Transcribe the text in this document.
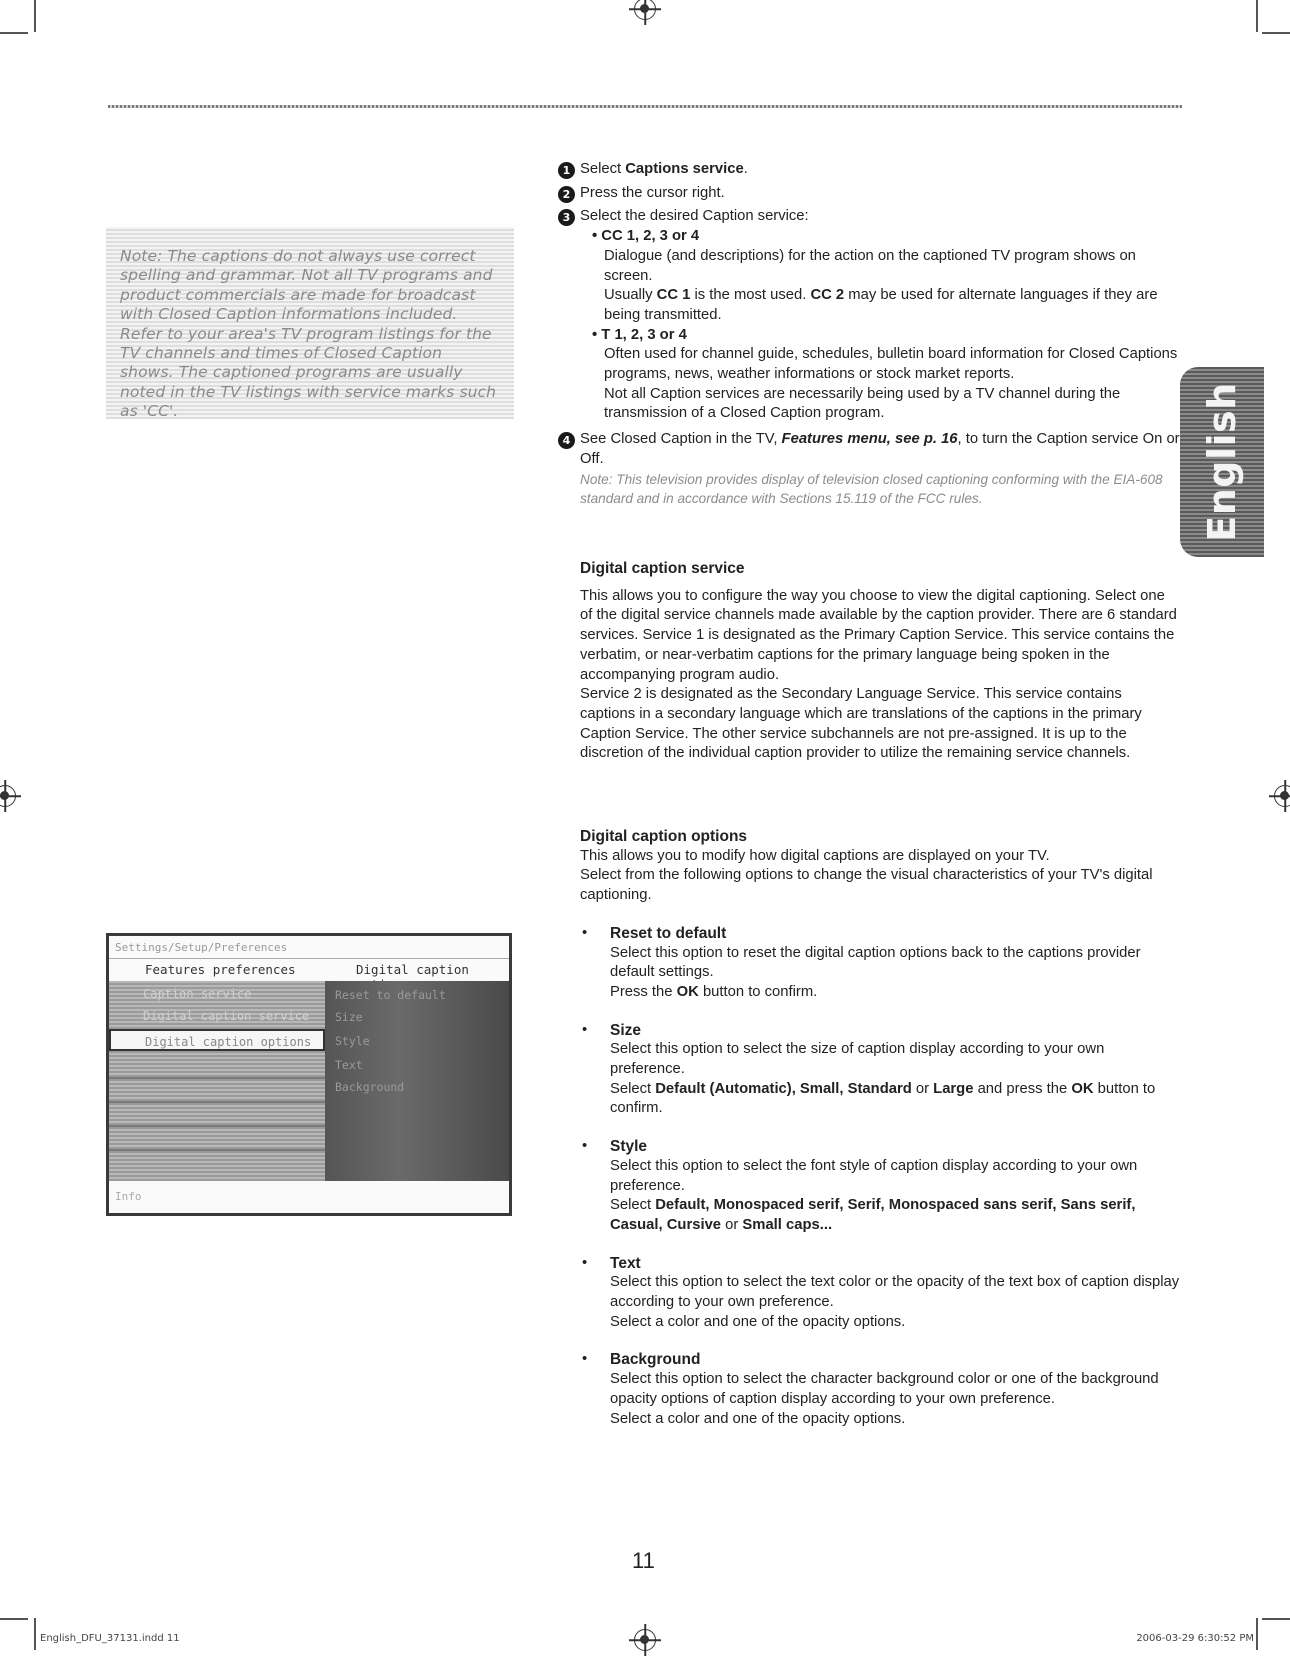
Note: The captions do not always use correct spelling and grammar. Not all TV programs and product commercials are made for broadcast with Closed Caption informations included. Refer to your area's TV program listings for the TV channels and times of Closed Caption shows. The captioned programs are usually noted in the TV listings with service marks such as 'CC'.

Settings/Setup/Preferences
Features preferences	Digital caption
Caption service
Digital caption service
Digital caption options
Reset to default
Size
Style
Text
Background
Info
1 Select Captions service.

2 Press the cursor right.

3 Select the desired Caption service:

• CC 1, 2, 3 or 4

Dialogue (and descriptions) for the action on the captioned TV program shows on screen.

Usually CC 1 is the most used. CC 2 may be used for alternate languages if they are being transmitted.

• T 1, 2, 3 or 4

Often used for channel guide, schedules, bulletin board information for Closed Captions programs, news, weather informations or stock market reports.

Not all Caption services are necessarily being used by a TV channel during the transmission of a Closed Caption program.

4 See Closed Caption in the TV, Features menu, see p. 16, to turn the Caption service On or Off.

Note: This television provides display of television closed captioning conforming with the EIA-608 standard and in accordance with Sections 15.119 of the FCC rules.

Digital caption service

This allows you to configure the way you choose to view the digital captioning. Select one of the digital service channels made available by the caption provider. There are 6 standard services. Service 1 is designated as the Primary Caption Service. This service contains the verbatim, or near-verbatim captions for the primary language being spoken in the accompanying program audio.

Service 2 is designated as the Secondary Language Service. This service contains captions in a secondary language which are translations of the captions in the primary Caption Service. The other service subchannels are not pre-assigned. It is up to the discretion of the individual caption provider to utilize the remaining service channels.

Digital caption options

This allows you to modify how digital captions are displayed on your TV.

Select from the following options to change the visual characteristics of your TV's digital captioning.

• Reset to default

Select this option to reset the digital caption options back to the captions provider default settings.

Press the OK button to confirm.

• Size

Select this option to select the size of caption display according to your own preference.

Select Default (Automatic), Small, Standard or Large and press the OK button to confirm.

• Style

Select this option to select the font style of caption display according to your own preference.

Select Default, Monospaced serif, Serif, Monospaced sans serif, Sans serif, Casual, Cursive or Small caps...

• Text

Select this option to select the text color or the opacity of the text box of caption display according to your own preference.

Select a color and one of the opacity options.

• Background

Select this option to select the character background color or one of the background opacity options of caption display according to your own preference.

Select a color and one of the opacity options.

English
11
English_DFU_37131.indd 11	2006-03-29 6:30:52 PM
